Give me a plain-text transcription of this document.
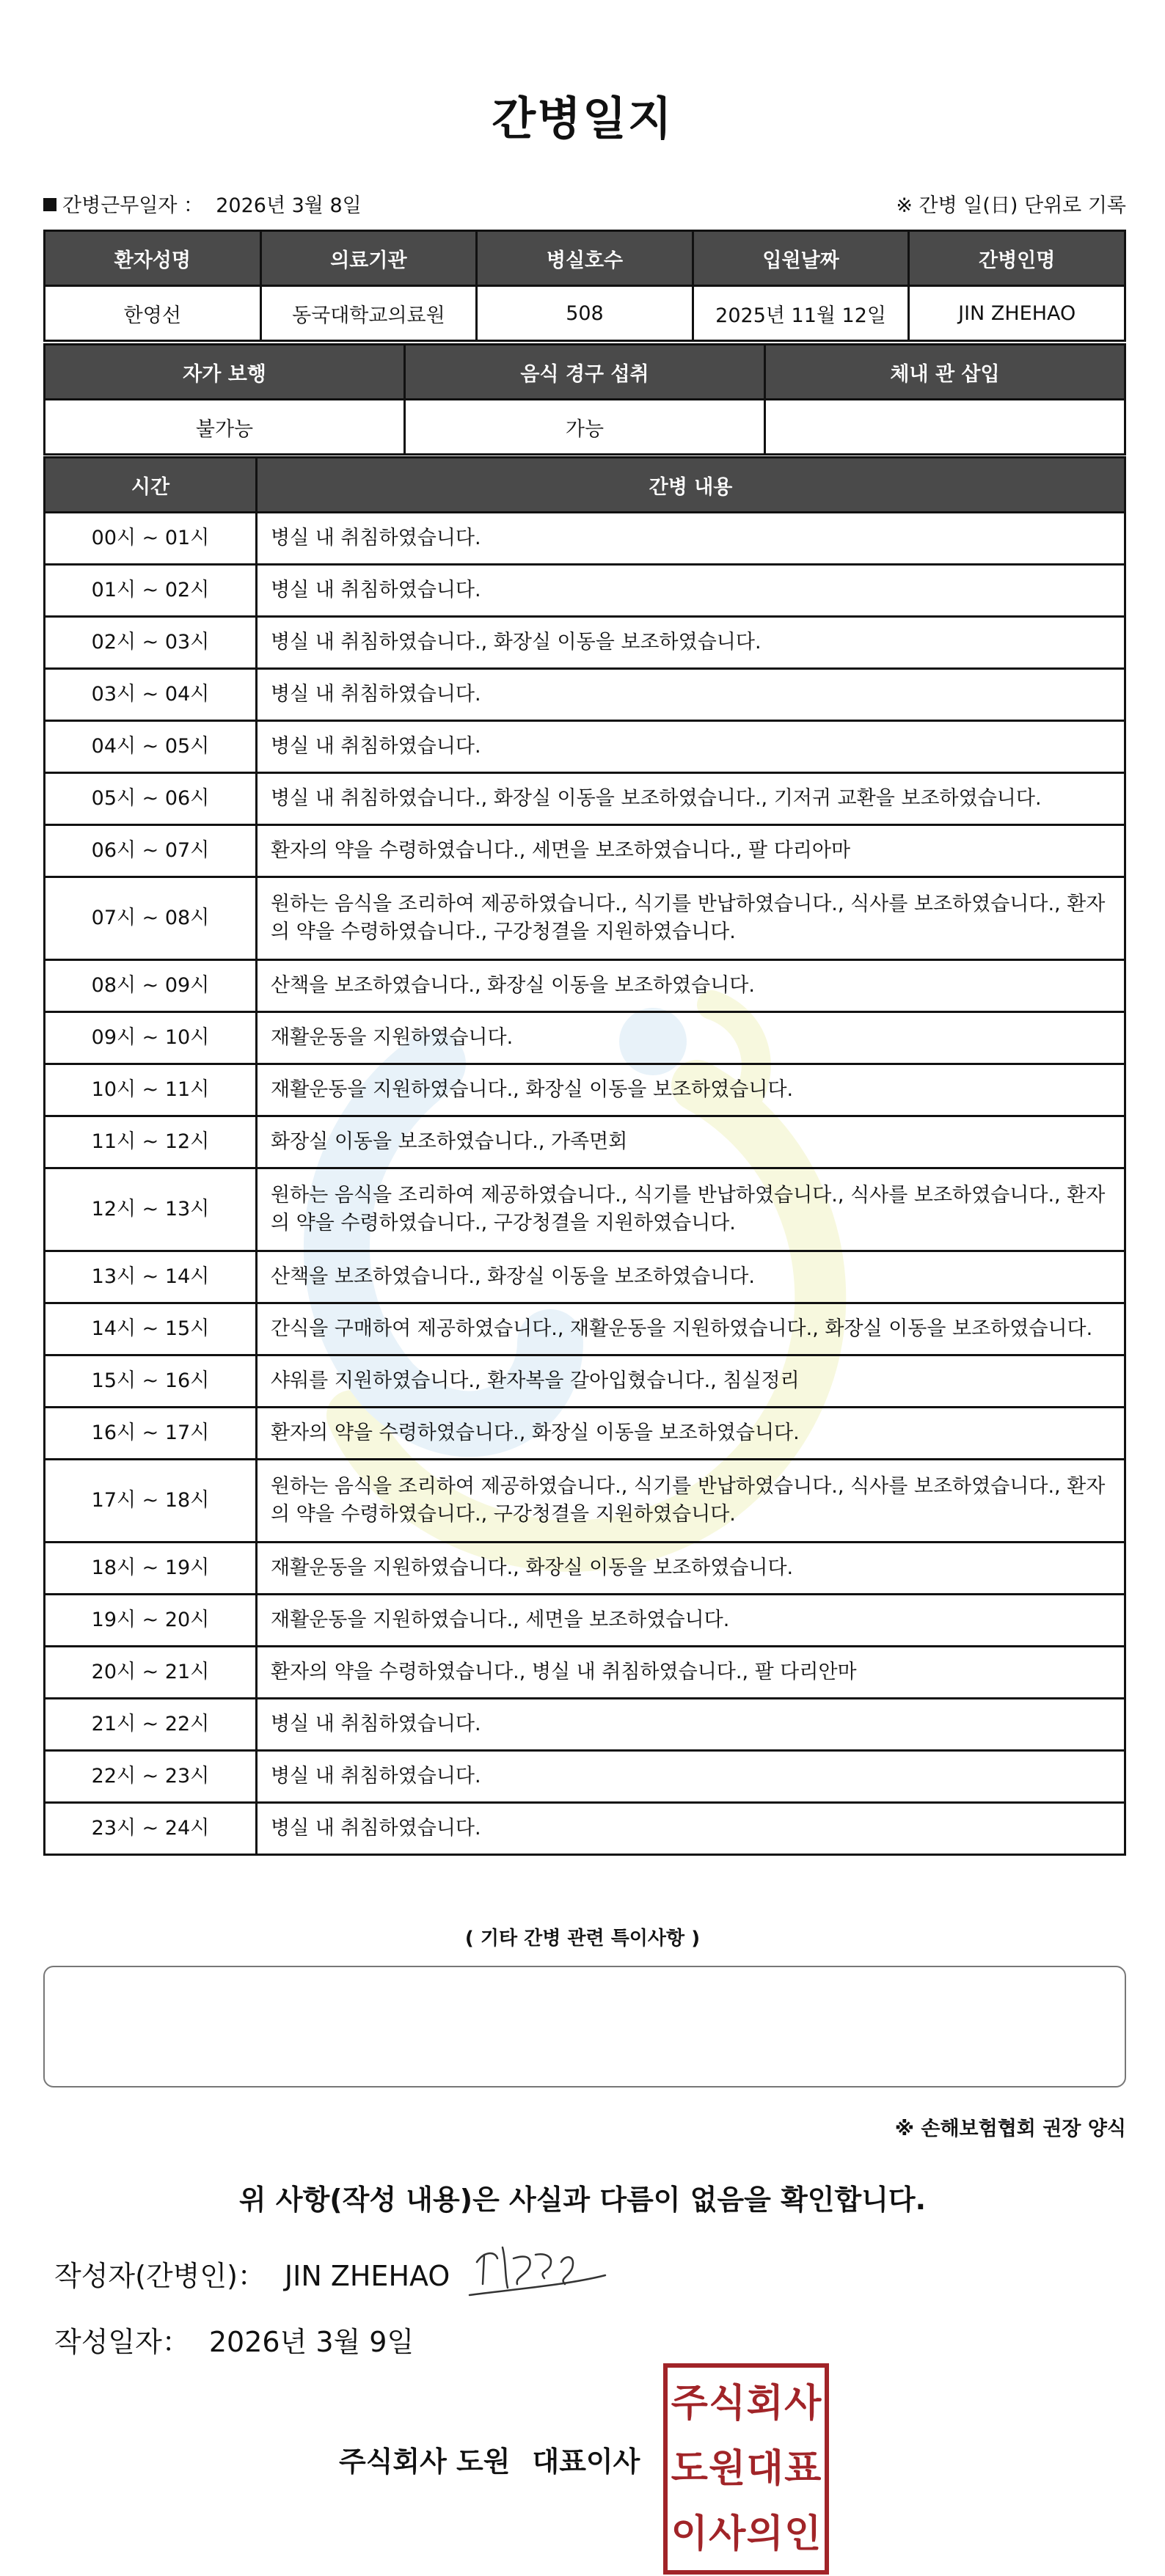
간병일지
간병근무일자 ： 2026년 3월 8일	※ 간병 일(日) 단위로 기록
환자성명	의료기관	병실호수	입원날짜	간병인명
한영선	동국대학교의료원	508	2025년 11월 12일	JIN ZHEHAO
자가 보행	음식 경구 섭취	체내 관 삽입
불가능	가능	
시간	간병 내용
00시 ~ 01시	병실 내 취침하였습니다.
01시 ~ 02시	병실 내 취침하였습니다.
02시 ~ 03시	병실 내 취침하였습니다., 화장실 이동을 보조하였습니다.
03시 ~ 04시	병실 내 취침하였습니다.
04시 ~ 05시	병실 내 취침하였습니다.
05시 ~ 06시	병실 내 취침하였습니다., 화장실 이동을 보조하였습니다., 기저귀 교환을 보조하였습니다.
06시 ~ 07시	환자의 약을 수령하였습니다., 세면을 보조하였습니다., 팔 다리아마
07시 ~ 08시	원하는 음식을 조리하여 제공하였습니다., 식기를 반납하였습니다., 식사를 보조하였습니다., 환자의 약을 수령하였습니다., 구강청결을 지원하였습니다.
08시 ~ 09시	산책을 보조하였습니다., 화장실 이동을 보조하였습니다.
09시 ~ 10시	재활운동을 지원하였습니다.
10시 ~ 11시	재활운동을 지원하였습니다., 화장실 이동을 보조하였습니다.
11시 ~ 12시	화장실 이동을 보조하였습니다., 가족면회
12시 ~ 13시	원하는 음식을 조리하여 제공하였습니다., 식기를 반납하였습니다., 식사를 보조하였습니다., 환자의 약을 수령하였습니다., 구강청결을 지원하였습니다.
13시 ~ 14시	산책을 보조하였습니다., 화장실 이동을 보조하였습니다.
14시 ~ 15시	간식을 구매하여 제공하였습니다., 재활운동을 지원하였습니다., 화장실 이동을 보조하였습니다.
15시 ~ 16시	샤워를 지원하였습니다., 환자복을 갈아입혔습니다., 침실정리
16시 ~ 17시	환자의 약을 수령하였습니다., 화장실 이동을 보조하였습니다.
17시 ~ 18시	원하는 음식을 조리하여 제공하였습니다., 식기를 반납하였습니다., 식사를 보조하였습니다., 환자의 약을 수령하였습니다., 구강청결을 지원하였습니다.
18시 ~ 19시	재활운동을 지원하였습니다., 화장실 이동을 보조하였습니다.
19시 ~ 20시	재활운동을 지원하였습니다., 세면을 보조하였습니다.
20시 ~ 21시	환자의 약을 수령하였습니다., 병실 내 취침하였습니다., 팔 다리안마
21시 ~ 22시	병실 내 취침하였습니다.
22시 ~ 23시	병실 내 취침하였습니다.
23시 ~ 24시	병실 내 취침하였습니다.
( 기타 간병 관련 특이사항 )
※ 손해보험협회 권장 양식
위 사항(작성 내용)은 사실과 다름이 없음을 확인합니다.
작성자(간병인)： JIN ZHEHAO
작성일자： 2026년 3월 9일
주식회사 도원 대표이사
주 식 회 사
도 원 대 표
이 사 의 인
